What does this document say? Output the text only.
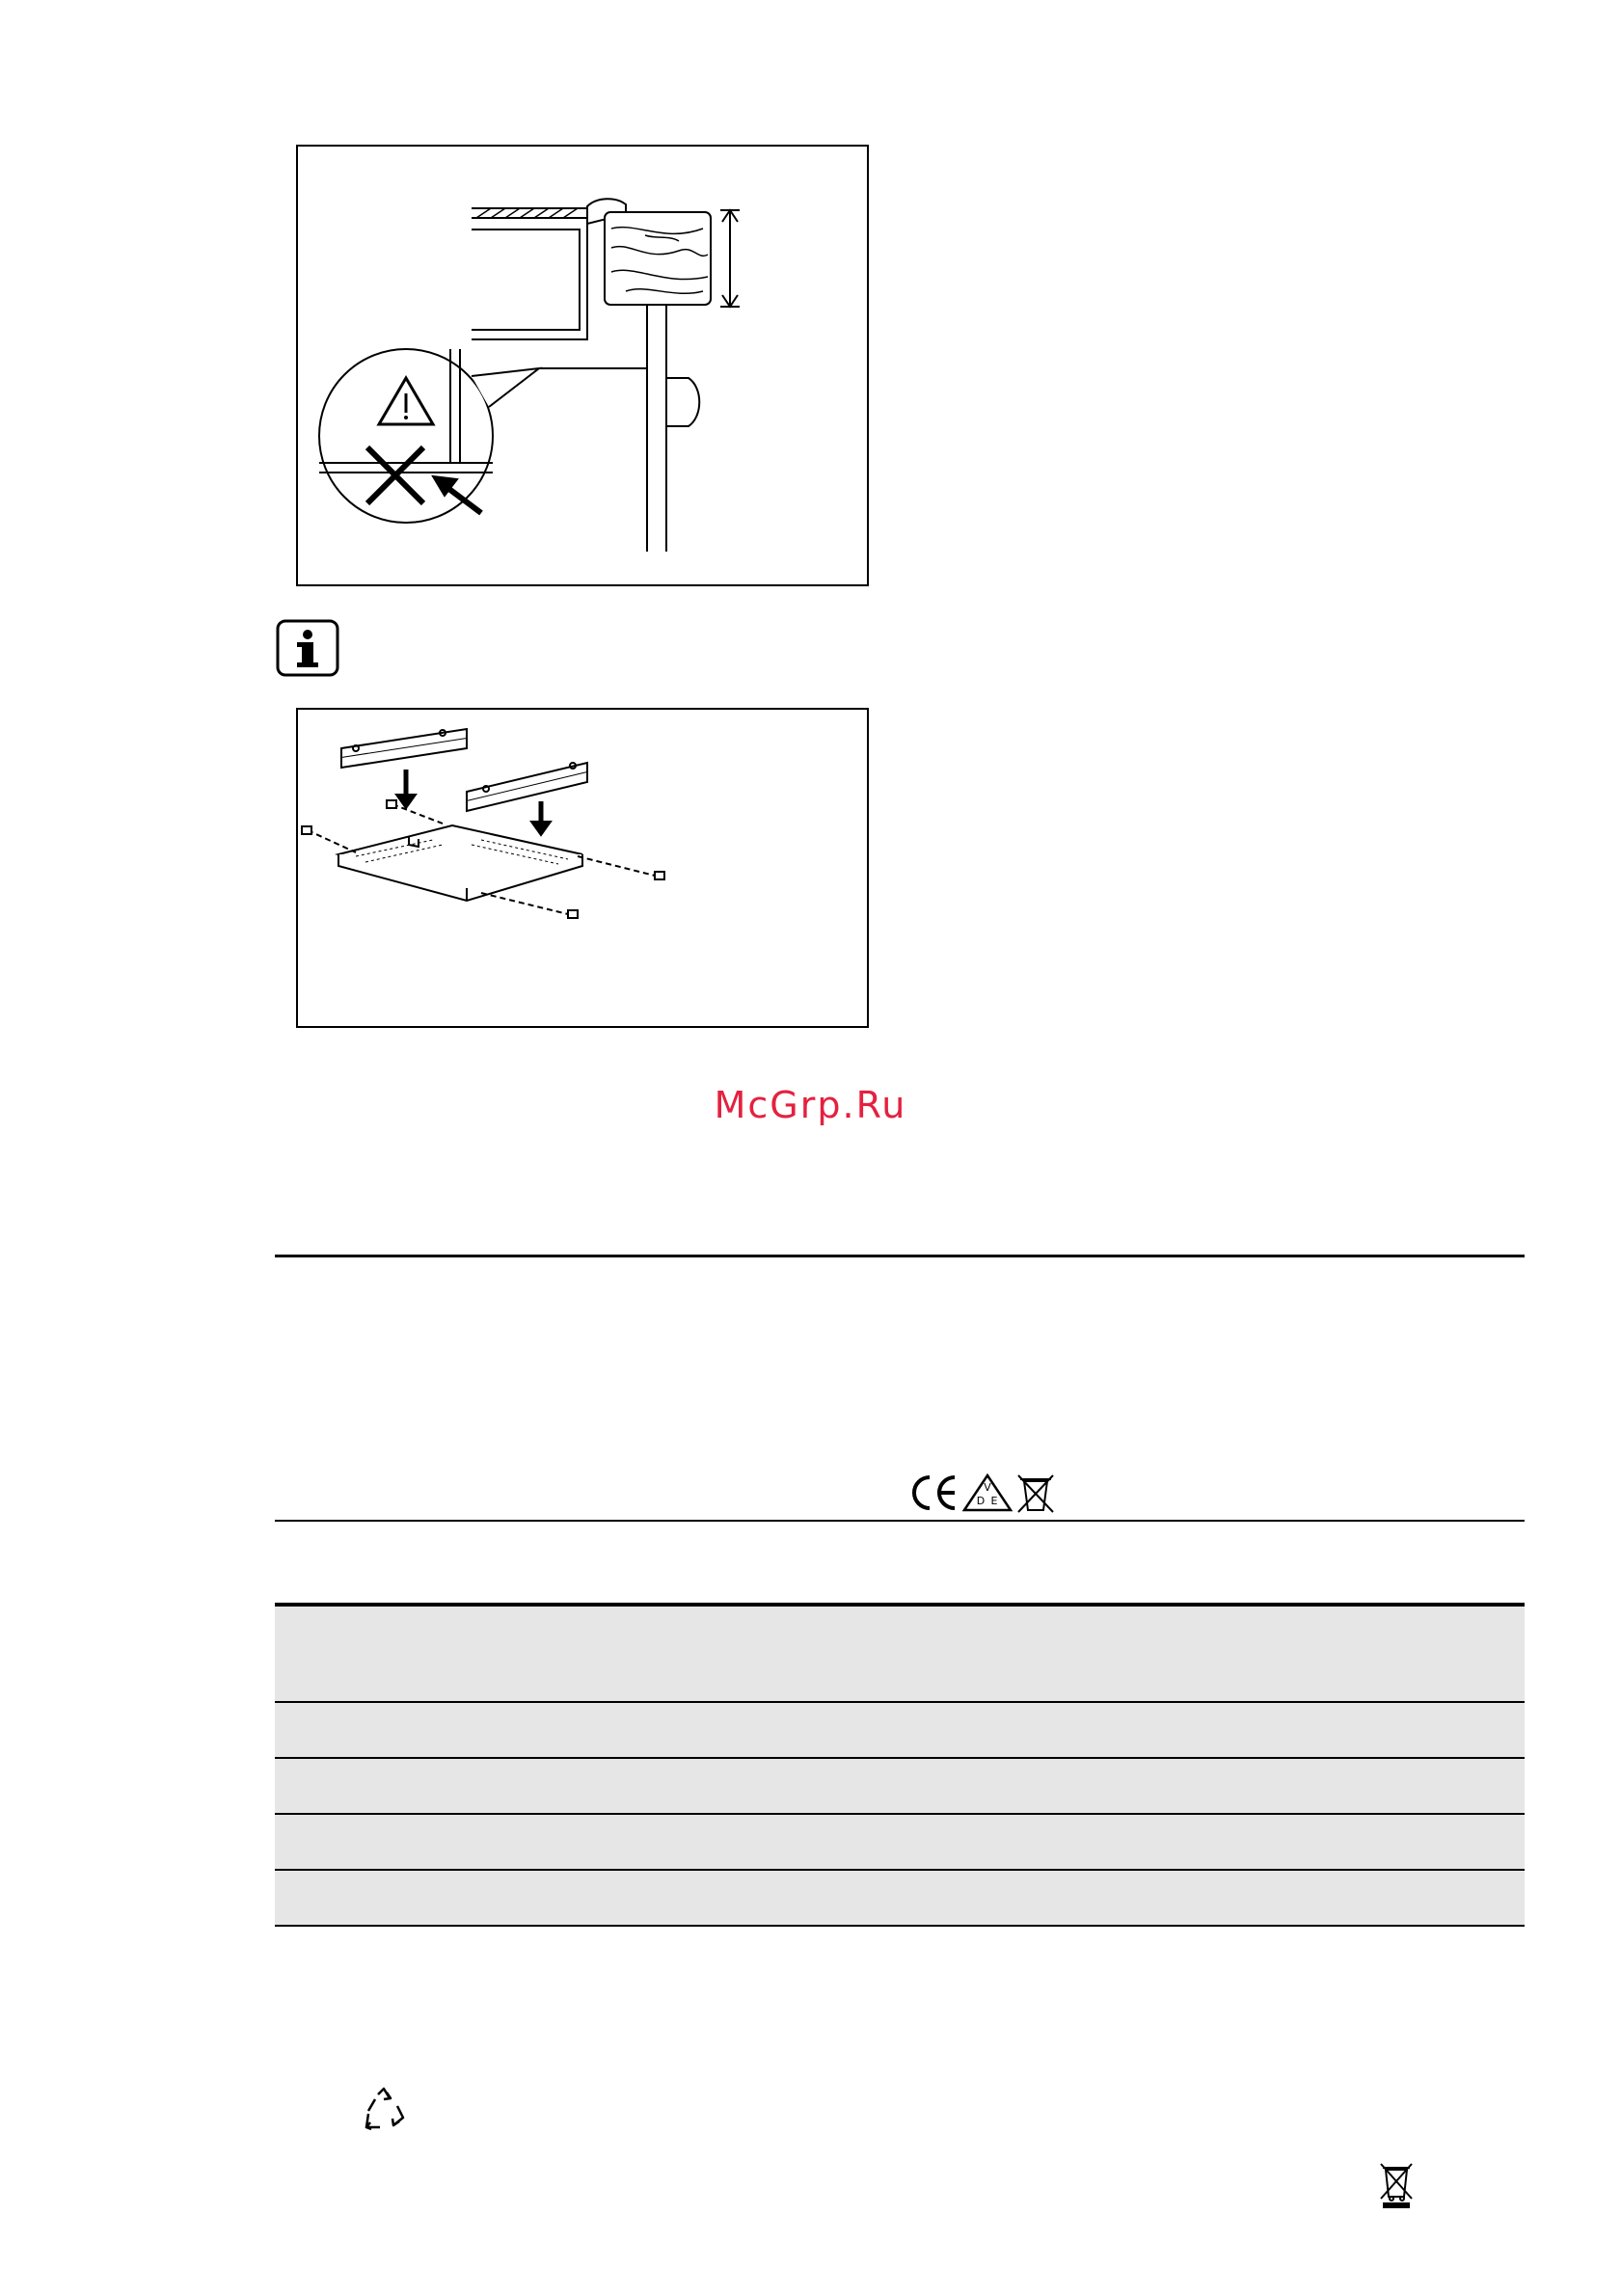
McGrp.Ru
V
D E
